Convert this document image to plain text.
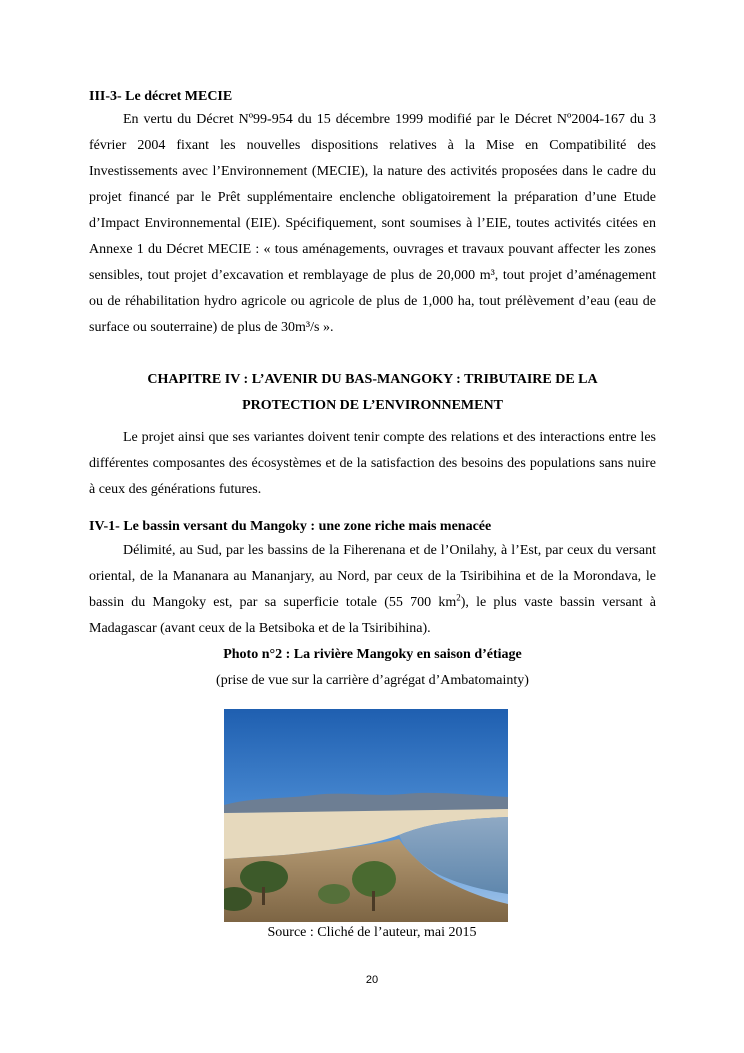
III-3- Le décret MECIE

En vertu du Décret Nº99-954 du 15 décembre 1999 modifié par le Décret Nº2004-167 du 3 février 2004 fixant les nouvelles dispositions relatives à la Mise en Compatibilité des Investissements avec l’Environnement (MECIE), la nature des activités proposées dans le cadre du projet financé par le Prêt supplémentaire enclenche obligatoirement la préparation d’une Etude d’Impact Environnemental (EIE). Spécifiquement, sont soumises à l’EIE, toutes activités citées en Annexe 1 du Décret MECIE : « tous aménagements, ouvrages et travaux pouvant affecter les zones sensibles, tout projet d’excavation et remblayage de plus de 20,000 m³, tout projet d’aménagement ou de réhabilitation hydro agricole ou agricole de plus de 1,000 ha, tout prélèvement d’eau (eau de surface ou souterraine) de plus de 30m³/s ».

CHAPITRE IV : L’AVENIR DU BAS-MANGOKY : TRIBUTAIRE DE LA
PROTECTION DE L’ENVIRONNEMENT

Le projet ainsi que ses variantes doivent tenir compte des relations et des interactions entre les différentes composantes des écosystèmes et de la satisfaction des besoins des populations sans nuire à ceux des générations futures.

IV-1- Le bassin versant du Mangoky : une zone riche mais menacée

Délimité, au Sud, par les bassins de la Fiherenana et de l’Onilahy, à l’Est, par ceux du versant oriental, de la Mananara au Mananjary, au Nord, par ceux de la Tsiribihina et de la Morondava, le bassin du Mangoky est, par sa superficie totale (55 700 $km^2$), le plus vaste bassin versant à Madagascar (avant ceux de la Betsiboka et de la Tsiribihina).

Photo n°2 : La rivière Mangoky en saison d’étiage
(prise de vue sur la carrière d’agrégat d’Ambatomainty)
Source : Cliché de l’auteur, mai 2015
20
